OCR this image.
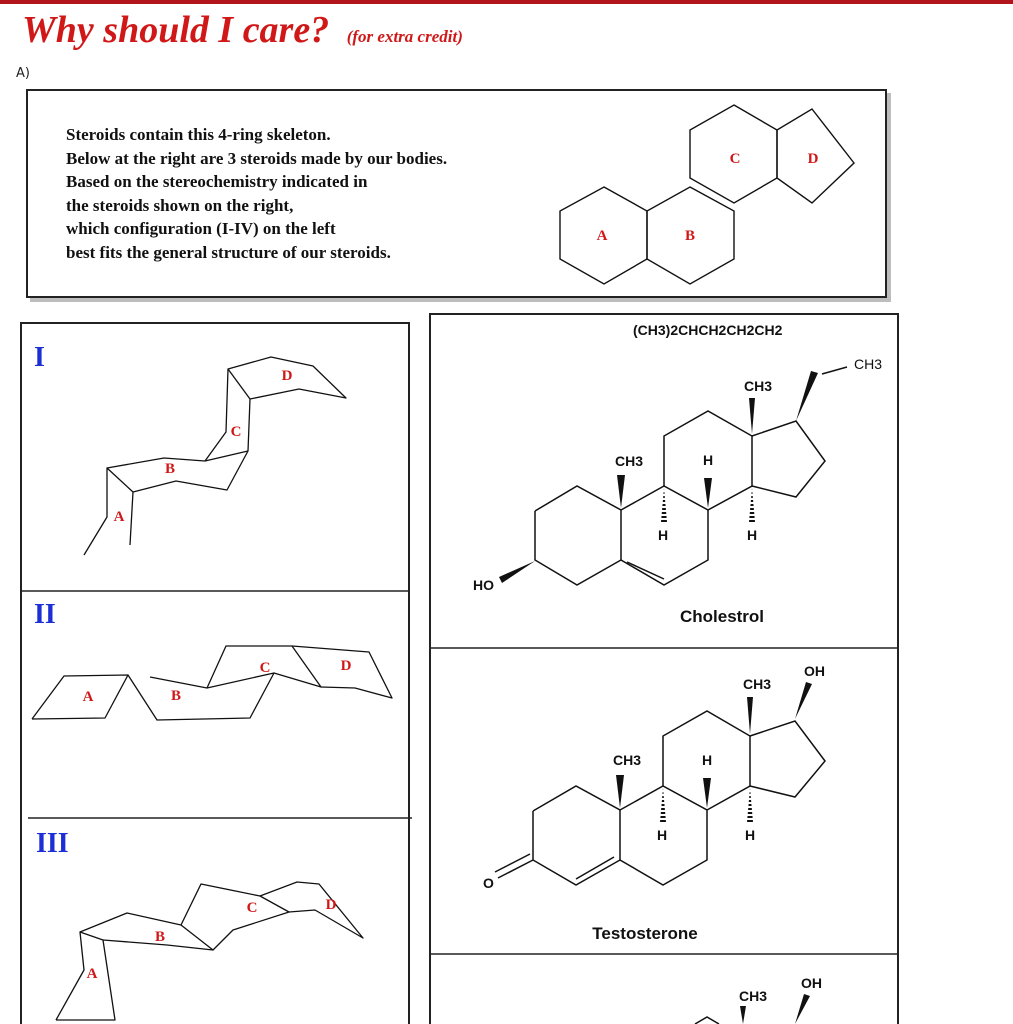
Why should I care? (for extra credit)
A)
Steroids contain this 4-ring skeleton.
Below at the right are 3 steroids made by our bodies.
Based on the stereochemistry indicated in
the steroids shown on the right,
which configuration (I-IV) on the left
best fits the general structure of our steroids.
A	B
C	D
I
II
III
A
B
C
D
A	B
C	D
A
B
C	D
(CH3)2CHCH2CH2CH2
CH3
CH3
CH3	H
H	H
HO
Cholestrol
OH
CH3
CH3	H
H	H
O
Testosterone
CH3
OH
